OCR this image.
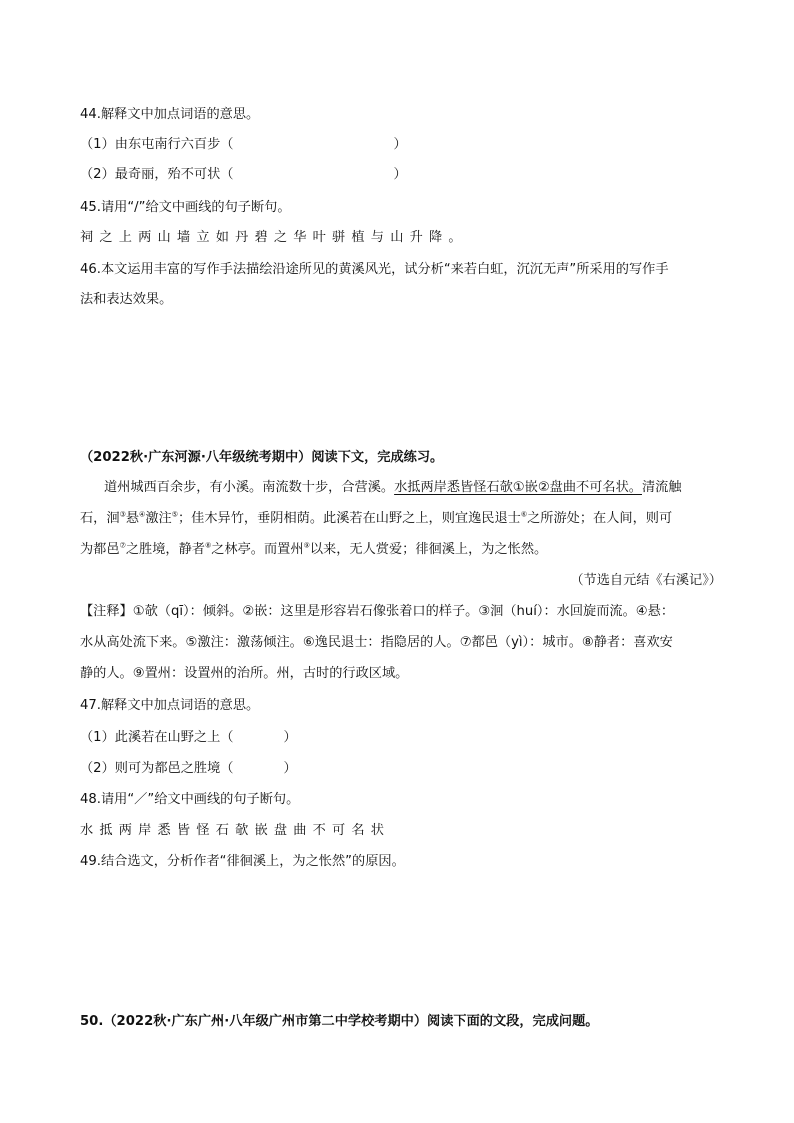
44.解释文中加点词语的意思。
（1）由东屯南行六百步（	）
（2）最奇丽，殆不可状（	）
45.请用“/”给文中画线的句子断句。
祠之上两山墙立如丹碧之华叶骈植与山升降。
46.本文运用丰富的写作手法描绘沿途所见的黄溪风光，试分析“来若白虹，沉沉无声”所采用的写作手
法和表达效果。
（2022秋·广东河源·八年级统考期中）阅读下文，完成练习。
道州城西百余步，有小溪。南流数十步，合营溪。水抵两岸悉皆怪石欹①嵌②盘曲不可名状。清流触
石，洄③悬④激注⑤；佳木异竹，垂阴相荫。此溪若在山野之上，则宜逸民退士⑥之所游处；在人间，则可
为都邑⑦之胜境，静者⑧之林亭。而置州⑨以来，无人赏爱；徘徊溪上，为之怅然。
（节选自元结《右溪记》）
【注释】①欹（qī）：倾斜。②嵌：这里是形容岩石像张着口的样子。③洄（huí）：水回旋而流。④悬：
水从高处流下来。⑤激注：激荡倾注。⑥逸民退士：指隐居的人。⑦都邑（yì）：城市。⑧静者：喜欢安
静的人。⑨置州：设置州的治所。州，古时的行政区域。
47.解释文中加点词语的意思。
（1）此溪若在山野之上（	）
（2）则可为都邑之胜境（	）
48.请用“／”给文中画线的句子断句。
水抵两岸悉皆怪石欹嵌盘曲不可名状
49.结合选文，分析作者“徘徊溪上，为之怅然”的原因。
50.（2022秋·广东广州·八年级广州市第二中学校考期中）阅读下面的文段，完成问题。
